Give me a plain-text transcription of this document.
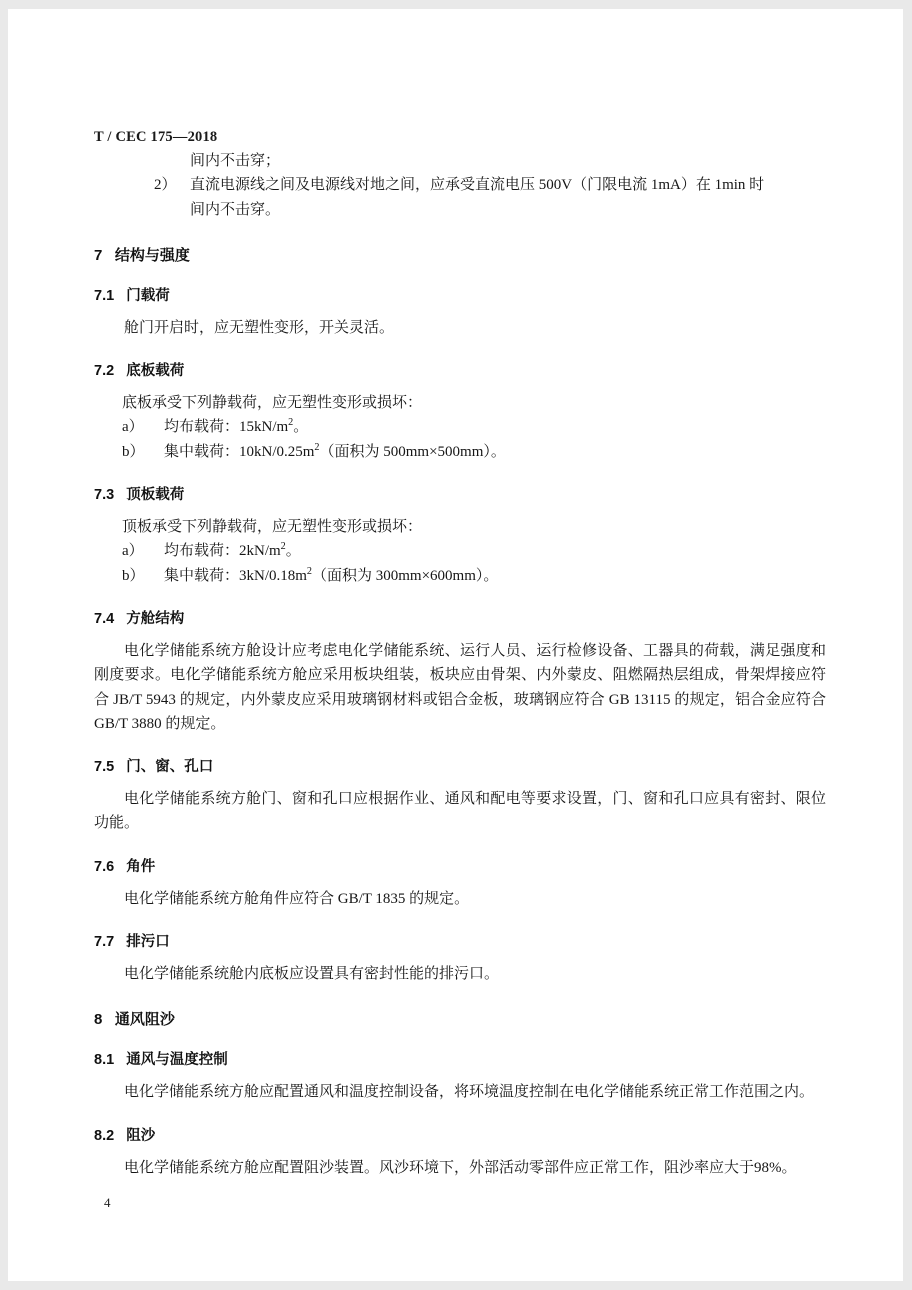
T / CEC 175—2018
间内不击穿；
2） 直流电源线之间及电源线对地之间，应承受直流电压 500V（门限电流 1mA）在 1min 时
间内不击穿。
7   结构与强度
7.1   门载荷

舱门开启时，应无塑性变形，开关灵活。

7.2   底板载荷

底板承受下列静载荷，应无塑性变形或损坏：

a）	均布载荷：$15kN/m^2$。
b）	集中载荷：$10kN/0.25m^2$（面积为 500mm×500mm）。
7.3   顶板载荷

顶板承受下列静载荷，应无塑性变形或损坏：

a）	均布载荷：$2kN/m^2$。
b）	集中载荷：$3kN/0.18m^2$（面积为 300mm×600mm）。
7.4   方舱结构

电化学储能系统方舱设计应考虑电化学储能系统、运行人员、运行检修设备、工器具的荷载，满足强度和刚度要求。电化学储能系统方舱应采用板块组装，板块应由骨架、内外蒙皮、阻燃隔热层组成，骨架焊接应符合 JB/T 5943 的规定，内外蒙皮应采用玻璃钢材料或铝合金板，玻璃钢应符合 GB 13115 的规定，铝合金应符合 GB/T 3880 的规定。

7.5   门、窗、孔口

电化学储能系统方舱门、窗和孔口应根据作业、通风和配电等要求设置，门、窗和孔口应具有密封、限位功能。

7.6   角件

电化学储能系统方舱角件应符合 GB/T 1835 的规定。

7.7   排污口

电化学储能系统舱内底板应设置具有密封性能的排污口。

8   通风阻沙
8.1   通风与温度控制

电化学储能系统方舱应配置通风和温度控制设备，将环境温度控制在电化学储能系统正常工作范围之内。

8.2   阻沙

电化学储能系统方舱应配置阻沙装置。风沙环境下，外部活动零部件应正常工作，阻沙率应大于98%。

4
